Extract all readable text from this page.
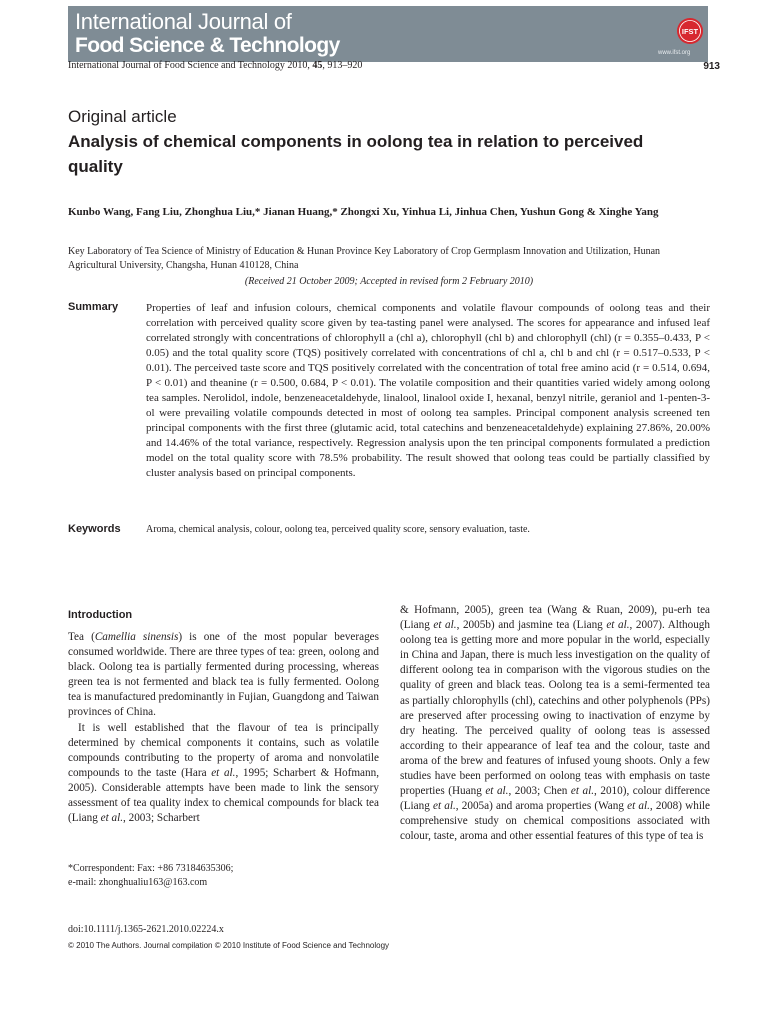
International Journal of
Food Science & Technology
IFST
www.ifst.org
International Journal of Food Science and Technology 2010, 45, 913–920	913
Original article
Analysis of chemical components in oolong tea in relation to perceived quality
Kunbo Wang, Fang Liu, Zhonghua Liu,* Jianan Huang,* Zhongxi Xu, Yinhua Li, Jinhua Chen, Yushun Gong & Xinghe Yang
Key Laboratory of Tea Science of Ministry of Education & Hunan Province Key Laboratory of Crop Germplasm Innovation and Utilization, Hunan Agricultural University, Changsha, Hunan 410128, China
(Received 21 October 2009; Accepted in revised form 2 February 2010)
Summary	Properties of leaf and infusion colours, chemical components and volatile flavour compounds of oolong teas and their correlation with perceived quality score given by tea-tasting panel were analysed. The scores for appearance and infused leaf correlated strongly with concentrations of chlorophyll a (chl a), chlorophyll (chl b) and chlorophyll (chl) (r = 0.355–0.433, P < 0.05) and the total quality score (TQS) positively correlated with concentrations of chl a, chl b and chl (r = 0.517–0.533, P < 0.01). The perceived taste score and TQS positively correlated with the concentration of total free amino acid (r = 0.514, 0.694, P < 0.01) and theanine (r = 0.500, 0.684, P < 0.01). The volatile composition and their quantities varied widely among oolong tea samples. Nerolidol, indole, benzeneacetaldehyde, linalool, linalool oxide I, hexanal, benzyl nitrile, geraniol and 1-penten-3-ol were prevailing volatile compounds detected in most of oolong tea samples. Principal component analysis screened ten principal components with the first three (glutamic acid, total catechins and benzeneacetaldehyde) explaining 27.86%, 20.00% and 14.46% of the total variance, respectively. Regression analysis upon the ten principal components formulated a prediction model on the total quality score with 78.5% probability. The result showed that oolong teas could be partially classified by cluster analysis based on principal components.
Keywords	Aroma, chemical analysis, colour, oolong tea, perceived quality score, sensory evaluation, taste.
Introduction

Tea (Camellia sinensis) is one of the most popular beverages consumed worldwide. There are three types of tea: green, oolong and black. Oolong tea is partially fermented during processing, whereas green tea is not fermented and black tea is fully fermented. Oolong tea is manufactured predominantly in Fujian, Guangdong and Taiwan provinces of China.

It is well established that the flavour of tea is principally determined by chemical components it contains, such as volatile compounds contributing to the property of aroma and nonvolatile compounds to the taste (Hara et al., 1995; Scharbert & Hofmann, 2005). Considerable attempts have been made to link the sensory assessment of tea quality index to chemical compounds for black tea (Liang et al., 2003; Scharbert

& Hofmann, 2005), green tea (Wang & Ruan, 2009), pu-erh tea (Liang et al., 2005b) and jasmine tea (Liang et al., 2007). Although oolong tea is getting more and more popular in the world, especially in China and Japan, there is much less investigation on the quality of different oolong tea in comparison with the vigorous studies on the quality of green and black teas. Oolong tea is a semi-fermented tea as partially chlorophylls (chl), catechins and other polyphenols (PPs) are preserved after processing owing to inactivation of enzyme by dry heating. The perceived quality of oolong teas is assessed according to their appearance of leaf tea and the colour, taste and aroma of the brew and features of infused young shoots. Only a few studies have been performed on oolong teas with emphasis on taste properties (Huang et al., 2003; Chen et al., 2010), colour difference (Liang et al., 2005a) and aroma properties (Wang et al., 2008) while comprehensive study on chemical compositions associated with colour, taste, aroma and other essential features of this type of tea is

*Correspondent: Fax: +86 73184635306;
e-mail: zhonghualiu163@163.com
doi:10.1111/j.1365-2621.2010.02224.x
© 2010 The Authors. Journal compilation © 2010 Institute of Food Science and Technology
